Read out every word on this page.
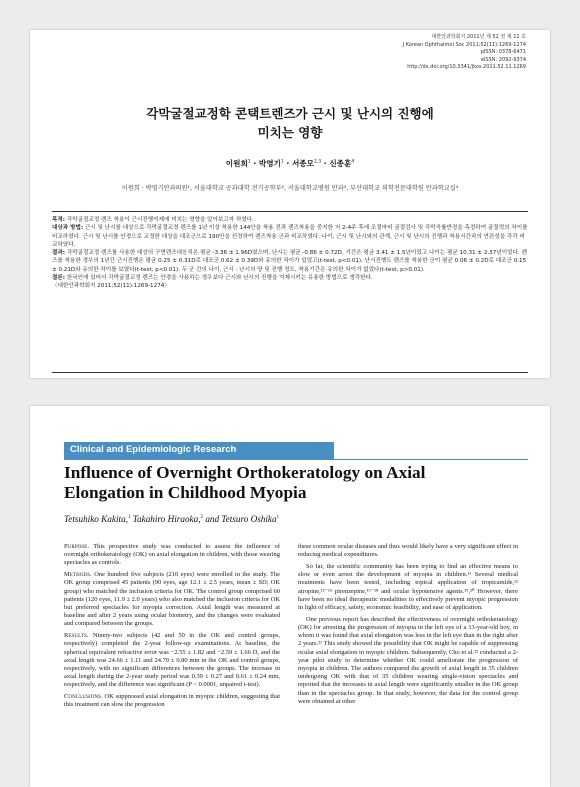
대한안과학회지 2011년 제 52 권 제 11 호
J Korean Ophthalmol Soc 2011;52(11):1269-1274
pISSN: 0378-6471
eISSN: 2092-9374
http://dx.doi.org/10.3341/jkos.2011.52.11.1269
각막굴절교정학 콘택트렌즈가 근시 및 난시의 진행에
미치는 영향
이원희$^1$ · 박영기$^1$ · 서종모$^{2,3}$ · 신종훈$^4$
이원희 · 박영기안과의원¹, 서울대학교 공과대학 전기공학부², 서울대학교병원 안과³, 부산대학교 의학전문대학원 안과학교실⁴

목적: 각막굴절교정 렌즈 착용이 근시진행억제에 미치는 영향을 알아보고자 하였다.

대상과 방법: 근시 및 난시를 대상으로 각막굴절교정 렌즈를 1년 이상 착용한 144안을 착용 전과 렌즈착용을 중지한 지 2-4주 후에 조절마비 굴절검사 및 각막곡률반경을 측정하여 굴절력의 차이를 비교하였다. 근시 및 난시를 안경으로 교정한 대상을 대조군으로 190안을 선정하여 렌즈착용 군과 비교하였다. 나이, 근시 및 난시와의 관계, 근시 및 난시의 진행과 착용시간과의 연관성을 각각 비교하였다.

결과: 각막굴절교정 렌즈를 사용한 대상의 구면렌즈대응치은 평균 -3.36 ± 1.96D였으며, 난시는 평균 -0.86 ± 0.72D, 기간은 평균 3.41 ± 1.5년이었고 나이는 평균 10.31 ± 2.37년이었다. 렌즈를 착용한 경우의 1년간 근시진행은 평균 0.25 ± 0.31D로 대조군 0.62 ± 0.39D와 유의한 차이가 있었고(t-test, p<0.01), 난시진행도 렌즈를 착용한 군이 평균 0.06 ± 0.2D로 대조군 0.15 ± 0.21D와 유의한 차이를 보였다(t-test, p<0.01). 두 군 간의 나이, 근시 · 난시의 양 및 진행 정도, 착용기간은 유의한 차이가 없었다(t-test, p>0.01).

결론: 한국인에 있어서 각막굴절교정 렌즈는 안경을 사용하는 경우보다 근시와 난시의 진행을 억제시키는 유용한 방법으로 생각한다.

〈대한안과학회지 2011;52(11):1269-1274〉

Clinical and Epidemiologic Research
Influence of Overnight Orthokeratology on Axial
Elongation in Childhood Myopia
Tetsuhiko Kakita,$^1$ Takahiro Hiraoka,$^2$ and Tetsuro Oshika$^1$

Purpose. This prospective study was conducted to assess the influence of overnight orthokeratology (OK) on axial elongation in children, with those wearing spectacles as controls.

Methods. One hundred five subjects (210 eyes) were enrolled in the study. The OK group comprised 45 patients (90 eyes, age 12.1 ± 2.5 years, mean ± SD; OK group) who matched the inclusion criteria for OK. The control group comprised 60 patients (120 eyes, 11.9 ± 2.0 years) who also matched the inclusion criteria for OK but preferred spectacles for myopia correction. Axial length was measured at baseline and after 2 years using ocular biometry, and the changes were evaluated and compared between the groups.

Results. Ninety-two subjects (42 and 50 in the OK and control groups, respectively) completed the 2-year follow-up examinations. At baseline, the spherical equivalent refractive error was −2.55 ± 1.82 and −2.59 ± 1.66 D, and the axial length was 24.66 ± 1.11 and 24.79 ± 0.80 mm in the OK and control groups, respectively, with no significant differences between the groups. The increase in axial length during the 2-year study period was 0.39 ± 0.27 and 0.61 ± 0.24 mm, respectively, and the difference was significant (P < 0.0001, unpaired t-test).

Conclusions. OK suppressed axial elongation in myopic children, suggesting that this treatment can slow the progression

these common ocular diseases and thus would likely have a very significant effect in reducing medical expenditures.

So far, the scientific community has been trying to find an effective means to slow or even arrest the development of myopia in children.¹¹ Several medical treatments have been tested, including topical application of tropicamide,¹² atropine,¹³⁻¹⁵ pirenzepine,¹⁶⁻¹⁸ and ocular hypotensive agents.¹⁹,²⁰ However, there have been no ideal therapeutic modalities to effectively prevent myopic progression in light of efficacy, safety, economic feasibility, and ease of application.

One previous report has described the effectiveness of overnight orthokeratology (OK) for arresting the progression of myopia in the left eye of a 13-year-old boy, in whom it was found that axial elongation was less in the left eye than in the right after 2 years.²¹ This study showed the possibility that OK might be capable of suppressing ocular axial elongation in myopic children. Subsequently, Cho et al.²² conducted a 2-year pilot study to determine whether OK could ameliorate the progression of myopia in children. The authors compared the growth of axial length in 35 children undergoing OK with that of 35 children wearing single-vision spectacles and reported that the increases in axial length were significantly smaller in the OK group than in the spectacles group. In that study, however, the data for the control group were obtained at other
